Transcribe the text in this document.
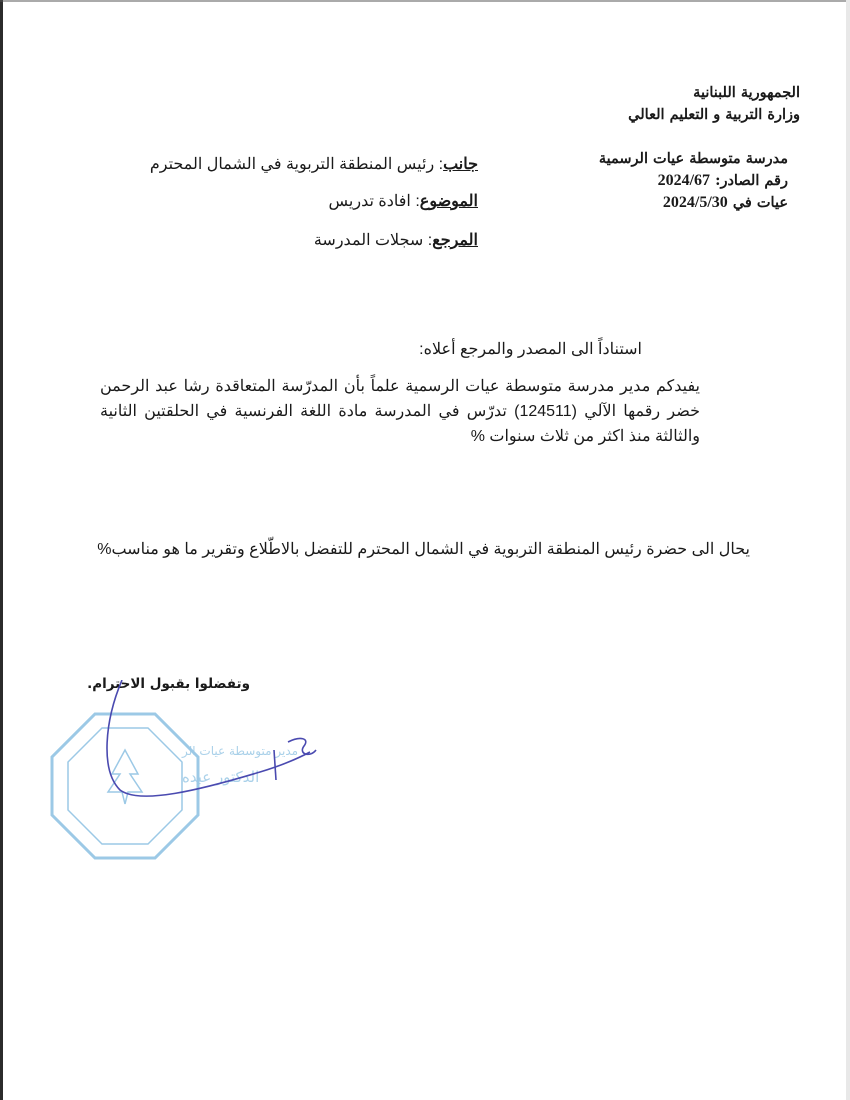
الجمهورية اللبنانية
وزارة التربية و التعليم العالي
مدرسة متوسطة عيات الرسمية
رقم الصادر: 2024/67
عيات في 2024/5/30
جانب: رئيس المنطقة التربوية في الشمال المحترم
الموضوع: افادة تدريس
المرجع: سجلات المدرسة
استناداً الى المصدر والمرجع أعلاه:
يفيدكم مدير مدرسة متوسطة عيات الرسمية علماً بأن المدرّسة المتعاقدة رشا عبد الرحمن خضر رقمها الآلي (124511) تدرّس في المدرسة مادة اللغة الفرنسية في الحلقتين الثانية والثالثة منذ اكثر من ثلاث سنوات %
يحال الى حضرة رئيس المنطقة التربوية في الشمال المحترم للتفضل بالاطّلاع وتقرير ما هو مناسب%
وتفضلوا بقبول الاحترام.
مدير متوسطة عيات الر
الدكتور عبده
